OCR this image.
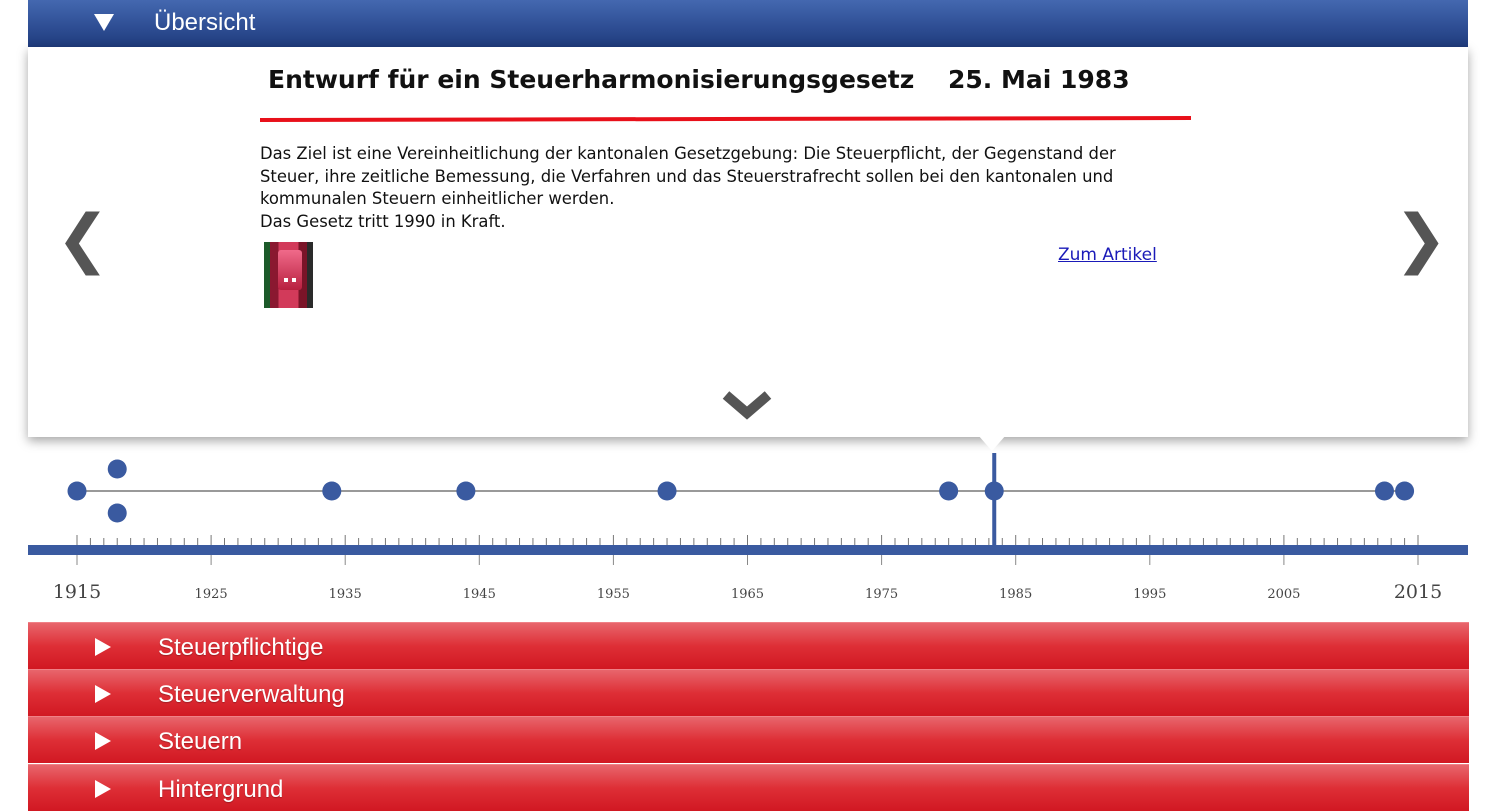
Übersicht
Entwurf für ein Steuerharmonisierungsgesetz 25. Mai 1983

Das Ziel ist eine Vereinheitlichung der kantonalen Gesetzgebung: Die Steuerpflicht, der Gegenstand der Steuer, ihre zeitliche Bemessung, die Verfahren und das Steuerstrafrecht sollen bei den kantonalen und kommunalen Steuern einheitlicher werden.

Das Gesetz tritt 1990 in Kraft.

Zum Artikel
❮	❯
1915	2015
1925	1935	1945	1955	1965	1975	1985	1995	2005
Steuerpflichtige
Steuerverwaltung
Steuern
Hintergrund
